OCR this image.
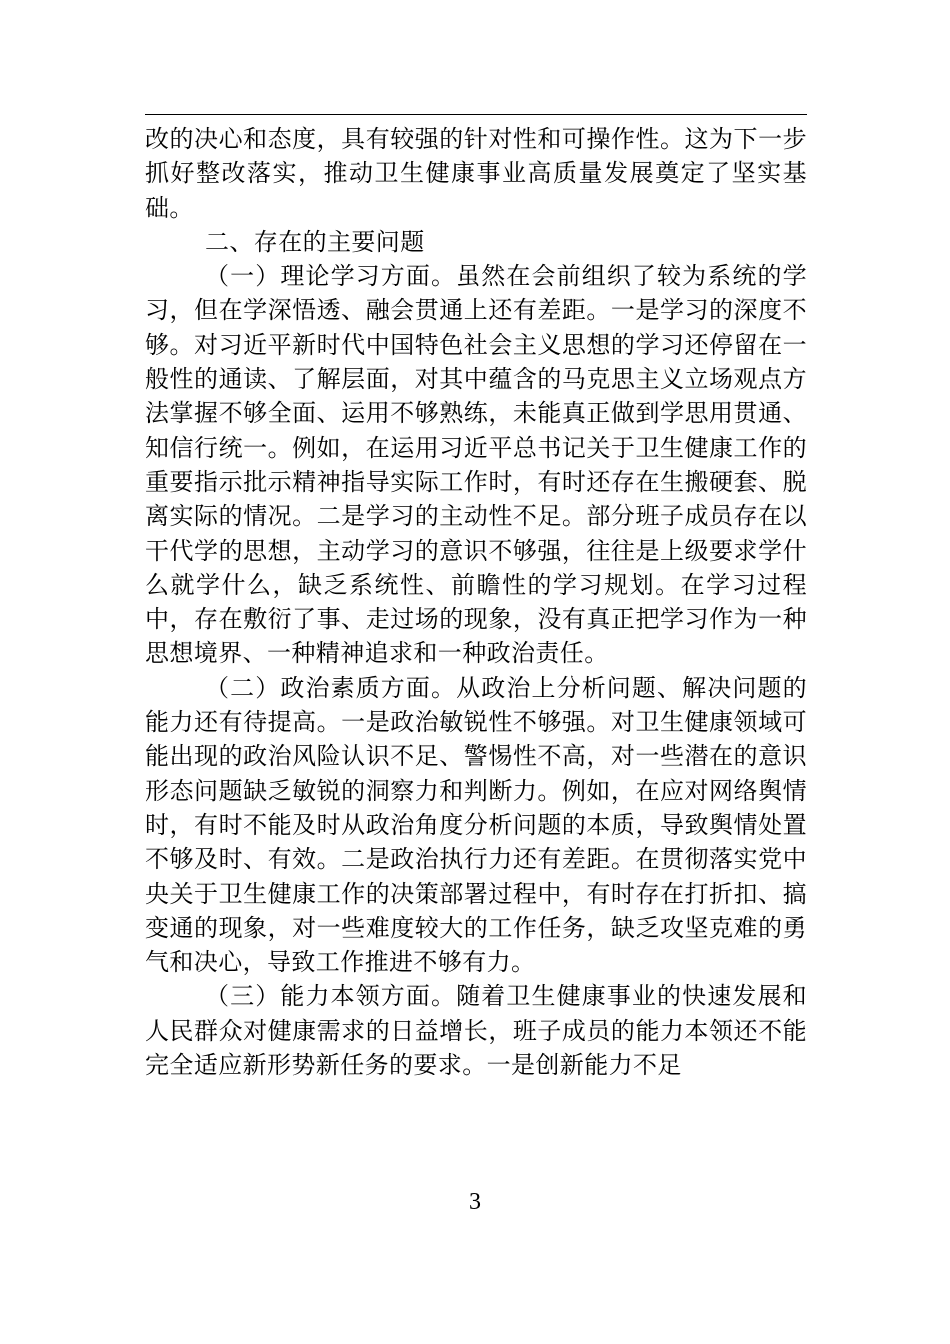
改的决心和态度，具有较强的针对性和可操作性。这为下一步抓好整改落实，推动卫生健康事业高质量发展奠定了坚实基础。

二、存在的主要问题

（一）理论学习方面。虽然在会前组织了较为系统的学习，但在学深悟透、融会贯通上还有差距。一是学习的深度不够。对习近平新时代中国特色社会主义思想的学习还停留在一般性的通读、了解层面，对其中蕴含的马克思主义立场观点方法掌握不够全面、运用不够熟练，未能真正做到学思用贯通、知信行统一。例如，在运用习近平总书记关于卫生健康工作的重要指示批示精神指导实际工作时，有时还存在生搬硬套、脱离实际的情况。二是学习的主动性不足。部分班子成员存在以干代学的思想，主动学习的意识不够强，往往是上级要求学什么就学什么，缺乏系统性、前瞻性的学习规划。在学习过程中，存在敷衍了事、走过场的现象，没有真正把学习作为一种思想境界、一种精神追求和一种政治责任。

（二）政治素质方面。从政治上分析问题、解决问题的能力还有待提高。一是政治敏锐性不够强。对卫生健康领域可能出现的政治风险认识不足、警惕性不高，对一些潜在的意识形态问题缺乏敏锐的洞察力和判断力。例如，在应对网络舆情时，有时不能及时从政治角度分析问题的本质，导致舆情处置不够及时、有效。二是政治执行力还有差距。在贯彻落实党中央关于卫生健康工作的决策部署过程中，有时存在打折扣、搞变通的现象，对一些难度较大的工作任务，缺乏攻坚克难的勇气和决心，导致工作推进不够有力。

（三）能力本领方面。随着卫生健康事业的快速发展和人民群众对健康需求的日益增长，班子成员的能力本领还不能完全适应新形势新任务的要求。一是创新能力不足

3
